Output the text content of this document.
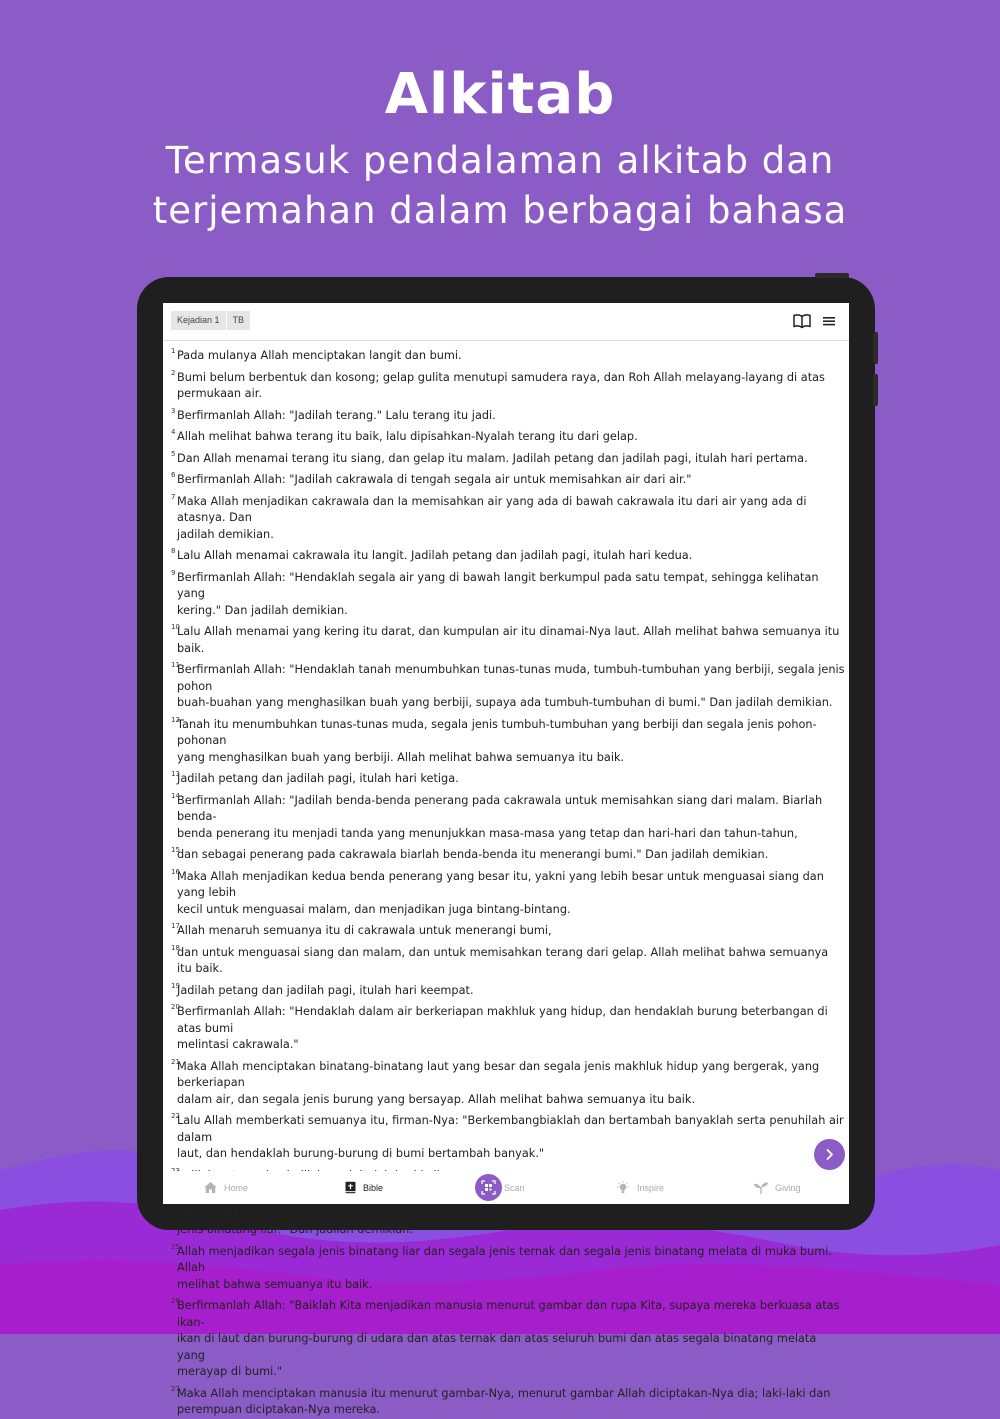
Alkitab
Termasuk pendalaman alkitab dan
terjemahan dalam berbagai bahasa
Kejadian 1	TB
1 Pada mulanya Allah menciptakan langit dan bumi.
2 Bumi belum berbentuk dan kosong; gelap gulita menutupi samudera raya, dan Roh Allah melayang-layang di atas
permukaan air.
3 Berfirmanlah Allah: "Jadilah terang." Lalu terang itu jadi.
4 Allah melihat bahwa terang itu baik, lalu dipisahkan-Nyalah terang itu dari gelap.
5 Dan Allah menamai terang itu siang, dan gelap itu malam. Jadilah petang dan jadilah pagi, itulah hari pertama.
6 Berfirmanlah Allah: "Jadilah cakrawala di tengah segala air untuk memisahkan air dari air."
7 Maka Allah menjadikan cakrawala dan Ia memisahkan air yang ada di bawah cakrawala itu dari air yang ada di atasnya. Dan
jadilah demikian.
8 Lalu Allah menamai cakrawala itu langit. Jadilah petang dan jadilah pagi, itulah hari kedua.
9 Berfirmanlah Allah: "Hendaklah segala air yang di bawah langit berkumpul pada satu tempat, sehingga kelihatan yang
kering." Dan jadilah demikian.
10
Lalu Allah menamai yang kering itu darat, dan kumpulan air itu dinamai-Nya laut. Allah melihat bahwa semuanya itu baik.
11
Berfirmanlah Allah: "Hendaklah tanah menumbuhkan tunas-tunas muda, tumbuh-tumbuhan yang berbiji, segala jenis pohon
buah-buahan yang menghasilkan buah yang berbiji, supaya ada tumbuh-tumbuhan di bumi." Dan jadilah demikian.
12
Tanah itu menumbuhkan tunas-tunas muda, segala jenis tumbuh-tumbuhan yang berbiji dan segala jenis pohon-pohonan
yang menghasilkan buah yang berbiji. Allah melihat bahwa semuanya itu baik.
13
Jadilah petang dan jadilah pagi, itulah hari ketiga.
14
Berfirmanlah Allah: "Jadilah benda-benda penerang pada cakrawala untuk memisahkan siang dari malam. Biarlah benda-
benda penerang itu menjadi tanda yang menunjukkan masa-masa yang tetap dan hari-hari dan tahun-tahun,
15
dan sebagai penerang pada cakrawala biarlah benda-benda itu menerangi bumi." Dan jadilah demikian.
16
Maka Allah menjadikan kedua benda penerang yang besar itu, yakni yang lebih besar untuk menguasai siang dan yang lebih
kecil untuk menguasai malam, dan menjadikan juga bintang-bintang.
17
Allah menaruh semuanya itu di cakrawala untuk menerangi bumi,
18
dan untuk menguasai siang dan malam, dan untuk memisahkan terang dari gelap. Allah melihat bahwa semuanya itu baik.
19
Jadilah petang dan jadilah pagi, itulah hari keempat.
20
Berfirmanlah Allah: "Hendaklah dalam air berkeriapan makhluk yang hidup, dan hendaklah burung beterbangan di atas bumi
melintasi cakrawala."
21
Maka Allah menciptakan binatang-binatang laut yang besar dan segala jenis makhluk hidup yang bergerak, yang berkeriapan
dalam air, dan segala jenis burung yang bersayap. Allah melihat bahwa semuanya itu baik.
22
Lalu Allah memberkati semuanya itu, firman-Nya: "Berkembangbiaklah dan bertambah banyaklah serta penuhilah air dalam
laut, dan hendaklah burung-burung di bumi bertambah banyak."
dan segala
jenis binatang liar." Dan jadilah demikian.
25
Allah menjadikan segala jenis binatang liar dan segala jenis ternak dan segala jenis binatang melata di muka bumi. Allah
melihat bahwa semuanya itu baik.
26
Berfirmanlah Allah: "Baiklah Kita menjadikan manusia menurut gambar dan rupa Kita, supaya mereka berkuasa atas ikan-
ikan di laut dan burung-burung di udara dan atas ternak dan atas seluruh bumi dan atas segala binatang melata yang
merayap di bumi."
27
Maka Allah menciptakan manusia itu menurut gambar-Nya, menurut gambar Allah diciptakan-Nya dia; laki-laki dan
perempuan diciptakan-Nya mereka.
Home	Bible	Scan	Inspire	Giving
